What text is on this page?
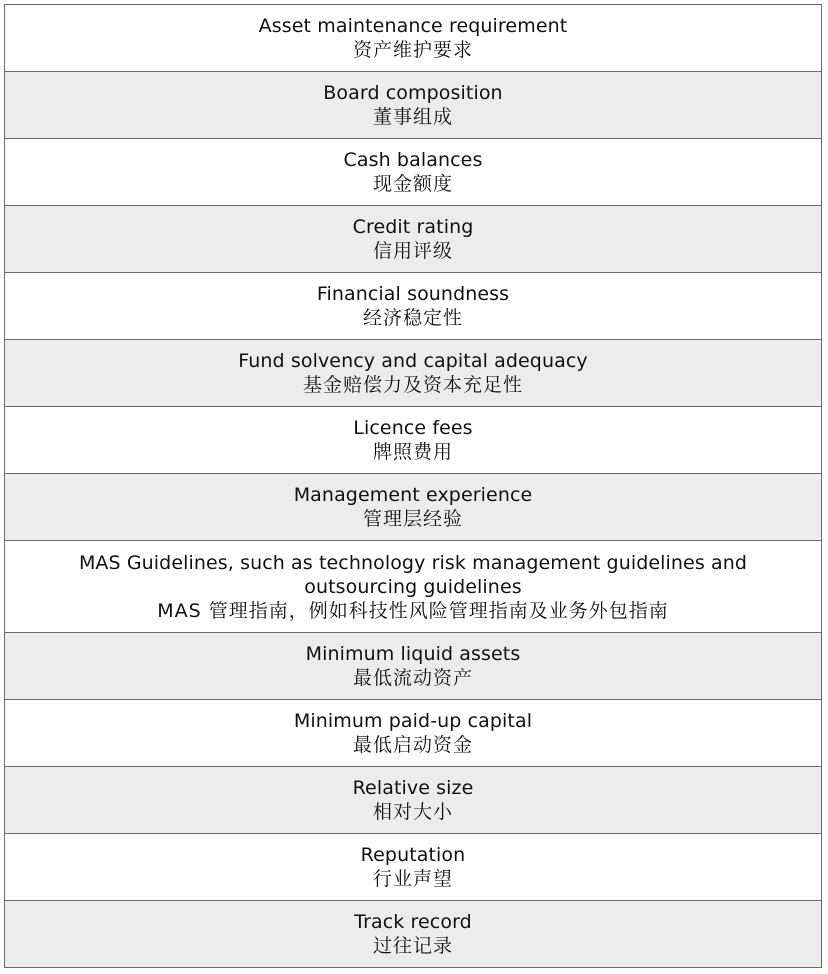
Asset maintenance requirement
资产维护要求
Board composition
董事组成
Cash balances
现金额度
Credit rating
信用评级
Financial soundness
经济稳定性
Fund solvency and capital adequacy
基金赔偿力及资本充足性
Licence fees
牌照费用
Management experience
管理层经验
MAS Guidelines, such as technology risk management guidelines and outsourcing guidelines
MAS 管理指南，例如科技性风险管理指南及业务外包指南
Minimum liquid assets
最低流动资产
Minimum paid-up capital
最低启动资金
Relative size
相对大小
Reputation
行业声望
Track record
过往记录
